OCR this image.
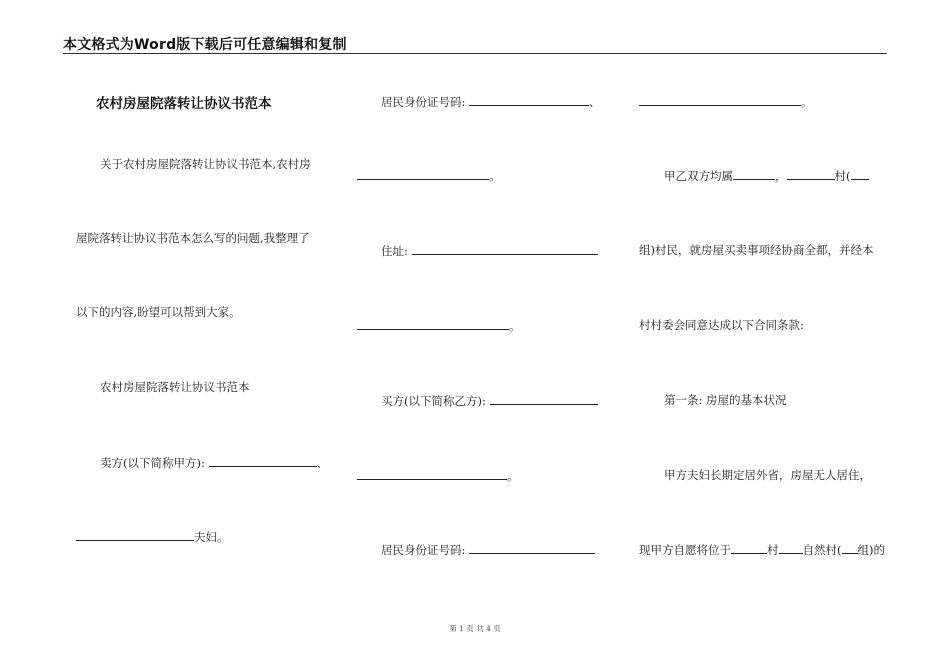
本文格式为Word版下载后可任意编辑和复制
农村房屋院落转让协议书范本
关于农村房屋院落转让协议书范本,农村房
屋院落转让协议书范本怎么写的问题,我整理了
以下的内容,盼望可以帮到大家。
农村房屋院落转让协议书范本
卖方(以下简称甲方):	、
夫妇。
居民身份证号码:	、
。
住址:
。
买方(以下简称乙方):
。
居民身份证号码:
。
甲乙双方均属	，	村(
组)村民，就房屋买卖事项经协商全都，并经本
村村委会同意达成以下合同条款:
第一条: 房屋的基本状况
甲方夫妇长期定居外省，房屋无人居住，
现甲方自愿将位于	村 自然村( 组)的
第 1 页 共 4 页
